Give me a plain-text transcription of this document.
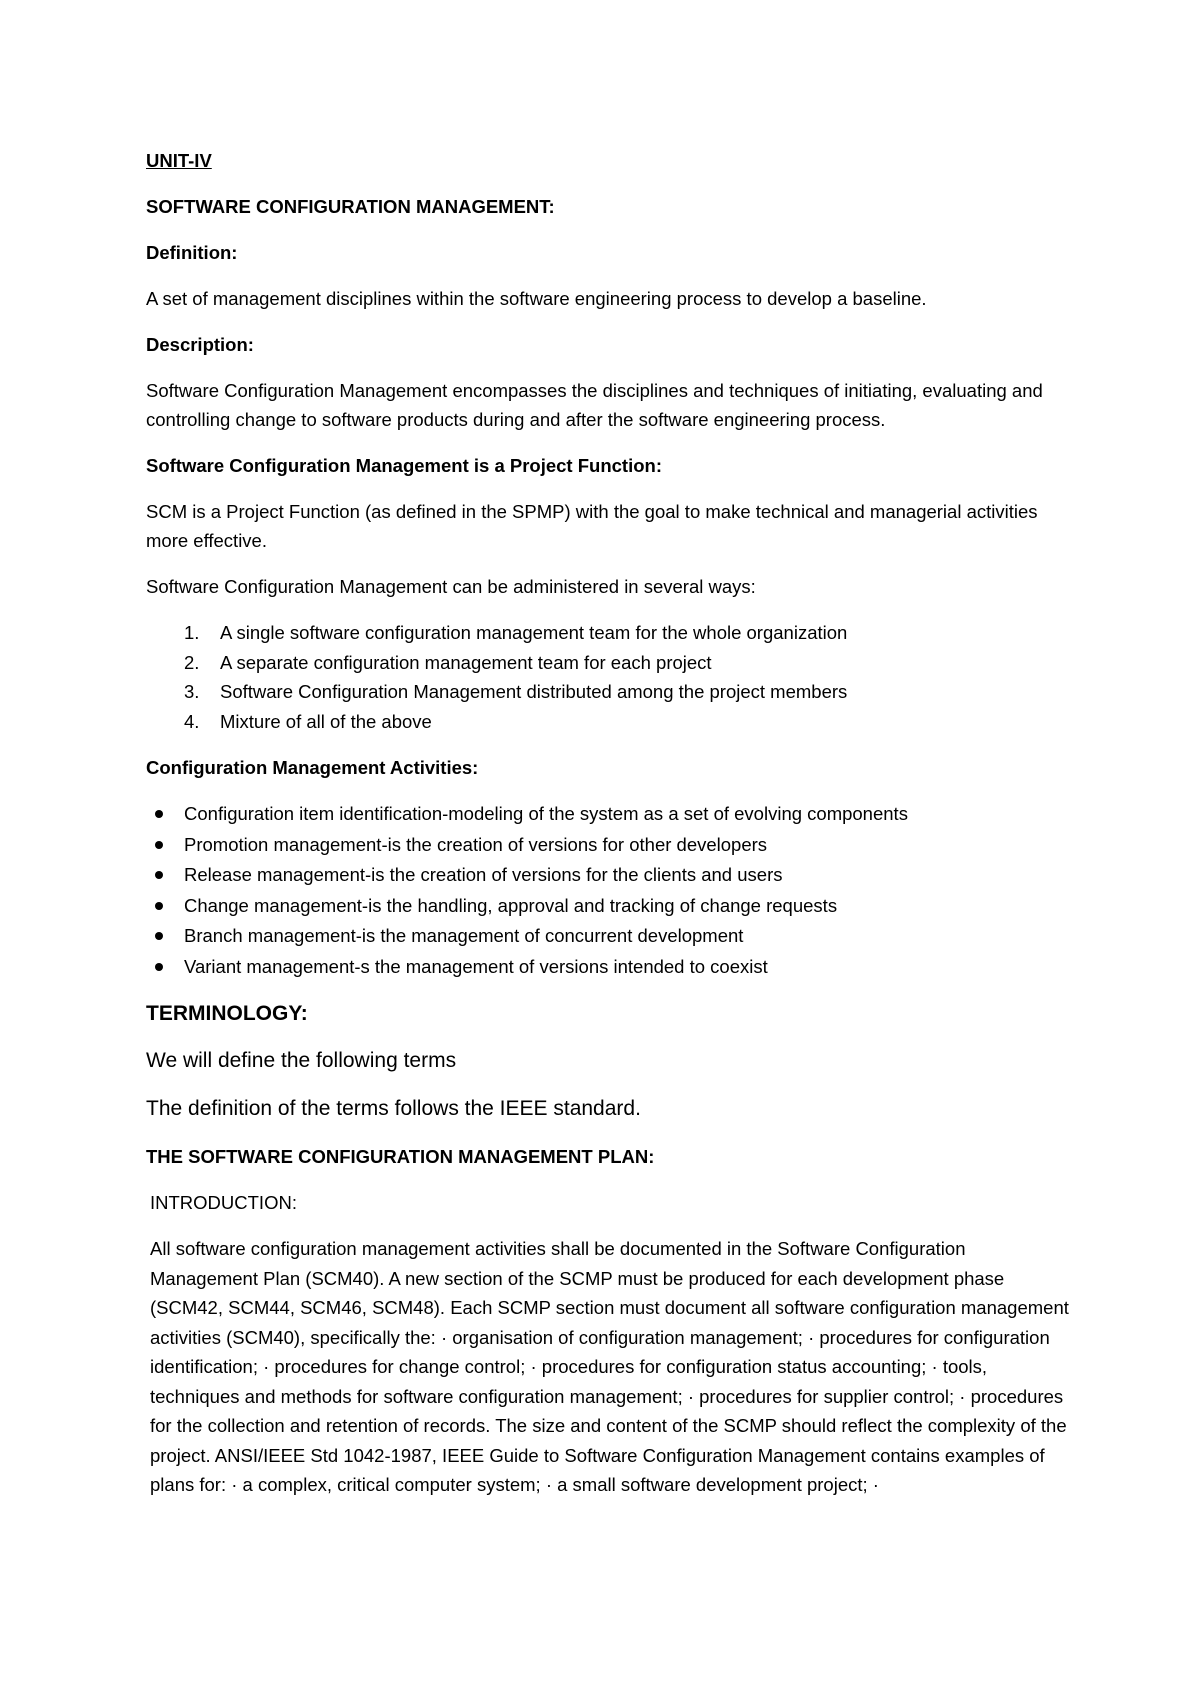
UNIT-IV

SOFTWARE CONFIGURATION MANAGEMENT:

Definition:

A set of management disciplines within the software engineering process to develop a baseline.

Description:

Software Configuration Management encompasses the disciplines and techniques of initiating, evaluating and controlling change to software products during and after the software engineering process.

Software Configuration Management is a Project Function:

SCM is a Project Function (as defined in the SPMP) with the goal to make technical and managerial activities more effective.

Software Configuration Management can be administered in several ways:

1. A single software configuration management team for the whole organization
2. A separate configuration management team for each project
3. Software Configuration Management distributed among the project members
4. Mixture of all of the above

Configuration Management Activities:

Configuration item identification-modeling of the system as a set of evolving components
Promotion management-is the creation of versions for other developers
Release management-is the creation of versions for the clients and users
Change management-is the handling, approval and tracking of change requests
Branch management-is the management of concurrent development
Variant management-s the management of versions intended to coexist

TERMINOLOGY:

We will define the following terms

The definition of the terms follows the IEEE standard.

THE SOFTWARE CONFIGURATION MANAGEMENT PLAN:

INTRODUCTION:

All software configuration management activities shall be documented in the Software Configuration Management Plan (SCM40). A new section of the SCMP must be produced for each development phase (SCM42, SCM44, SCM46, SCM48). Each SCMP section must document all software configuration management activities (SCM40), specifically the: · organisation of configuration management; · procedures for configuration identification; · procedures for change control; · procedures for configuration status accounting; · tools, techniques and methods for software configuration management; · procedures for supplier control; · procedures for the collection and retention of records. The size and content of the SCMP should reflect the complexity of the project. ANSI/IEEE Std 1042-1987, IEEE Guide to Software Configuration Management contains examples of plans for: · a complex, critical computer system; · a small software development project; ·
